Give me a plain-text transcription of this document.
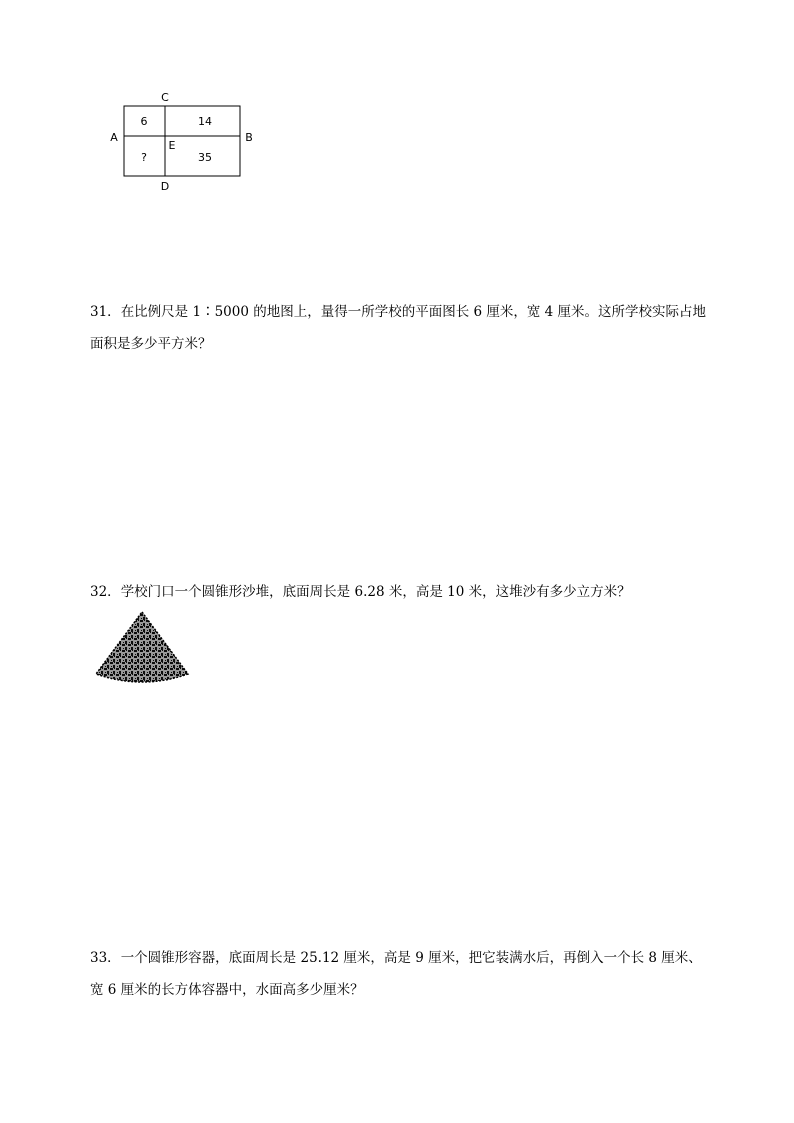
C
D
A	B
E
6	14
?	35
31．在比例尺是 1∶5000 的地图上，量得一所学校的平面图长 6 厘米，宽 4 厘米。这所学校实际占地面积是多少平方米？
32．学校门口一个圆锥形沙堆，底面周长是 6.28 米，高是 10 米，这堆沙有多少立方米？
33．一个圆锥形容器，底面周长是 25.12 厘米，高是 9 厘米，把它装满水后，再倒入一个长 8 厘米、宽 6 厘米的长方体容器中，水面高多少厘米？
